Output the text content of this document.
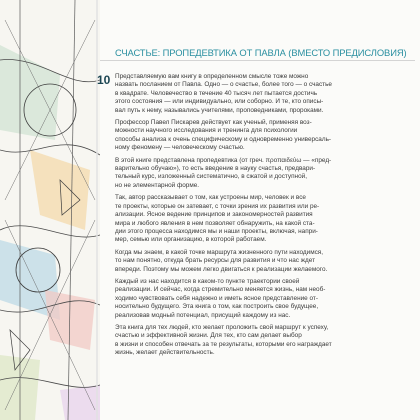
СЧАСТЬЕ: ПРОПЕДЕВТИКА ОТ ПАВЛА (ВМЕСТО ПРЕДИСЛОВИЯ)
10 Представляемую вам книгу в определенном смысле тоже можно
назвать посланием от Павла. Одно — о счастье, более того — о счастье
в квадрате. Человечество в течение 40 тысяч лет пытается достичь
этого состояния — или индивидуально, или соборно. И те, кто описы-
вал путь к нему, назывались учителями, проповедниками, пророками.

Профессор Павел Пискарев действует как ученый, применяя воз-
можности научного исследования и тренинга для психологии
способы анализа к очень специфическому и одновременно универсаль-
ному феномену — человеческому счастью.

В этой книге представлена пропедевтика (от греч. προπαιδεύω — «пред-
варительно обучаю»), то есть введение в науку счастья, предвари-
тельный курс, изложенный систематично, в сжатой и доступной,
но не элементарной форме.

Так, автор рассказывает о том, как устроены мир, человек и все
те проекты, которые он затевает, с точки зрения их развития или ре-
ализации. Ясное ведение принципов и закономерностей развития
мира и любого явления в нем позволяет обнаружить, на какой ста-
дии этого процесса находимся мы и наши проекты, включая, напри-
мер, семью или организацию, в которой работаем.

Когда мы знаем, в какой точке маршрута жизненного пути находимся,
то нам понятно, откуда брать ресурсы для развития и что нас ждет
впереди. Поэтому мы можем легко двигаться к реализации желаемого.

Каждый из нас находится в каком-то пункте траектории своей
реализации. И сейчас, когда стремительно меняется жизнь, нам необ-
ходимо чувствовать себя надежно и иметь ясное представление от-
носительно будущего. Эта книга о том, как построить свое будущее,
реализовав модный потенциал, присущий каждому из нас.

Эта книга для тех людей, кто желает проложить свой маршрут к успеху,
счастью и эффективной жизни. Для тех, кто сам делает выбор
в жизни и способен отвечать за те результаты, которыми его награждает
жизнь, желает действительность.
